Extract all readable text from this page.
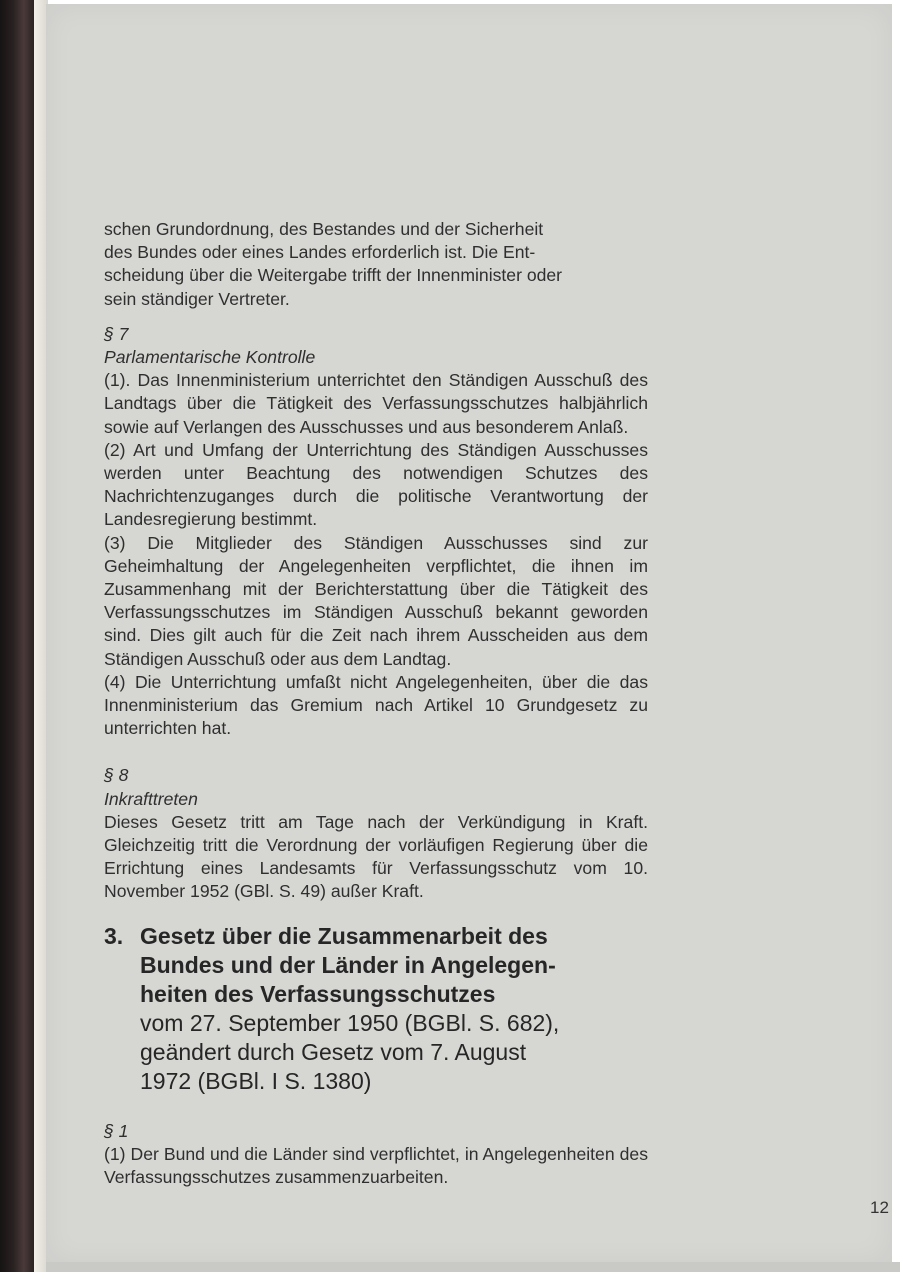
schen Grundordnung, des Bestandes und der Sicherheit
des Bundes oder eines Landes erforderlich ist. Die Ent-
scheidung über die Weitergabe trifft der Innenminister oder
sein ständiger Vertreter.

§ 7

Parlamentarische Kontrolle

(1). Das Innenministerium unterrichtet den Ständigen Ausschuß des Landtags über die Tätigkeit des Verfassungsschutzes halbjährlich sowie auf Verlangen des Ausschusses und aus besonderem Anlaß.

(2) Art und Umfang der Unterrichtung des Ständigen Ausschusses werden unter Beachtung des notwendigen Schutzes des Nachrichtenzuganges durch die politische Verantwortung der Landesregierung bestimmt.

(3) Die Mitglieder des Ständigen Ausschusses sind zur Geheimhaltung der Angelegenheiten verpflichtet, die ihnen im Zusammenhang mit der Berichterstattung über die Tätigkeit des Verfassungsschutzes im Ständigen Ausschuß bekannt geworden sind. Dies gilt auch für die Zeit nach ihrem Ausscheiden aus dem Ständigen Ausschuß oder aus dem Landtag.

(4) Die Unterrichtung umfaßt nicht Angelegenheiten, über die das Innenministerium das Gremium nach Artikel 10 Grundgesetz zu unterrichten hat.

§ 8

Inkrafttreten

Dieses Gesetz tritt am Tage nach der Verkündigung in Kraft. Gleichzeitig tritt die Verordnung der vorläufigen Regierung über die Errichtung eines Landesamts für Verfassungsschutz vom 10. November 1952 (GBl. S. 49) außer Kraft.

3. Gesetz über die Zusammenarbeit des
Bundes und der Länder in Angelegen-
heiten des Verfassungsschutzes

vom 27. September 1950 (BGBl. S. 682),
geändert durch Gesetz vom 7. August
1972 (BGBl. I S. 1380)

§ 1

(1) Der Bund und die Länder sind verpflichtet, in Angelegenheiten des Verfassungsschutzes zusammenzuarbeiten.

12
